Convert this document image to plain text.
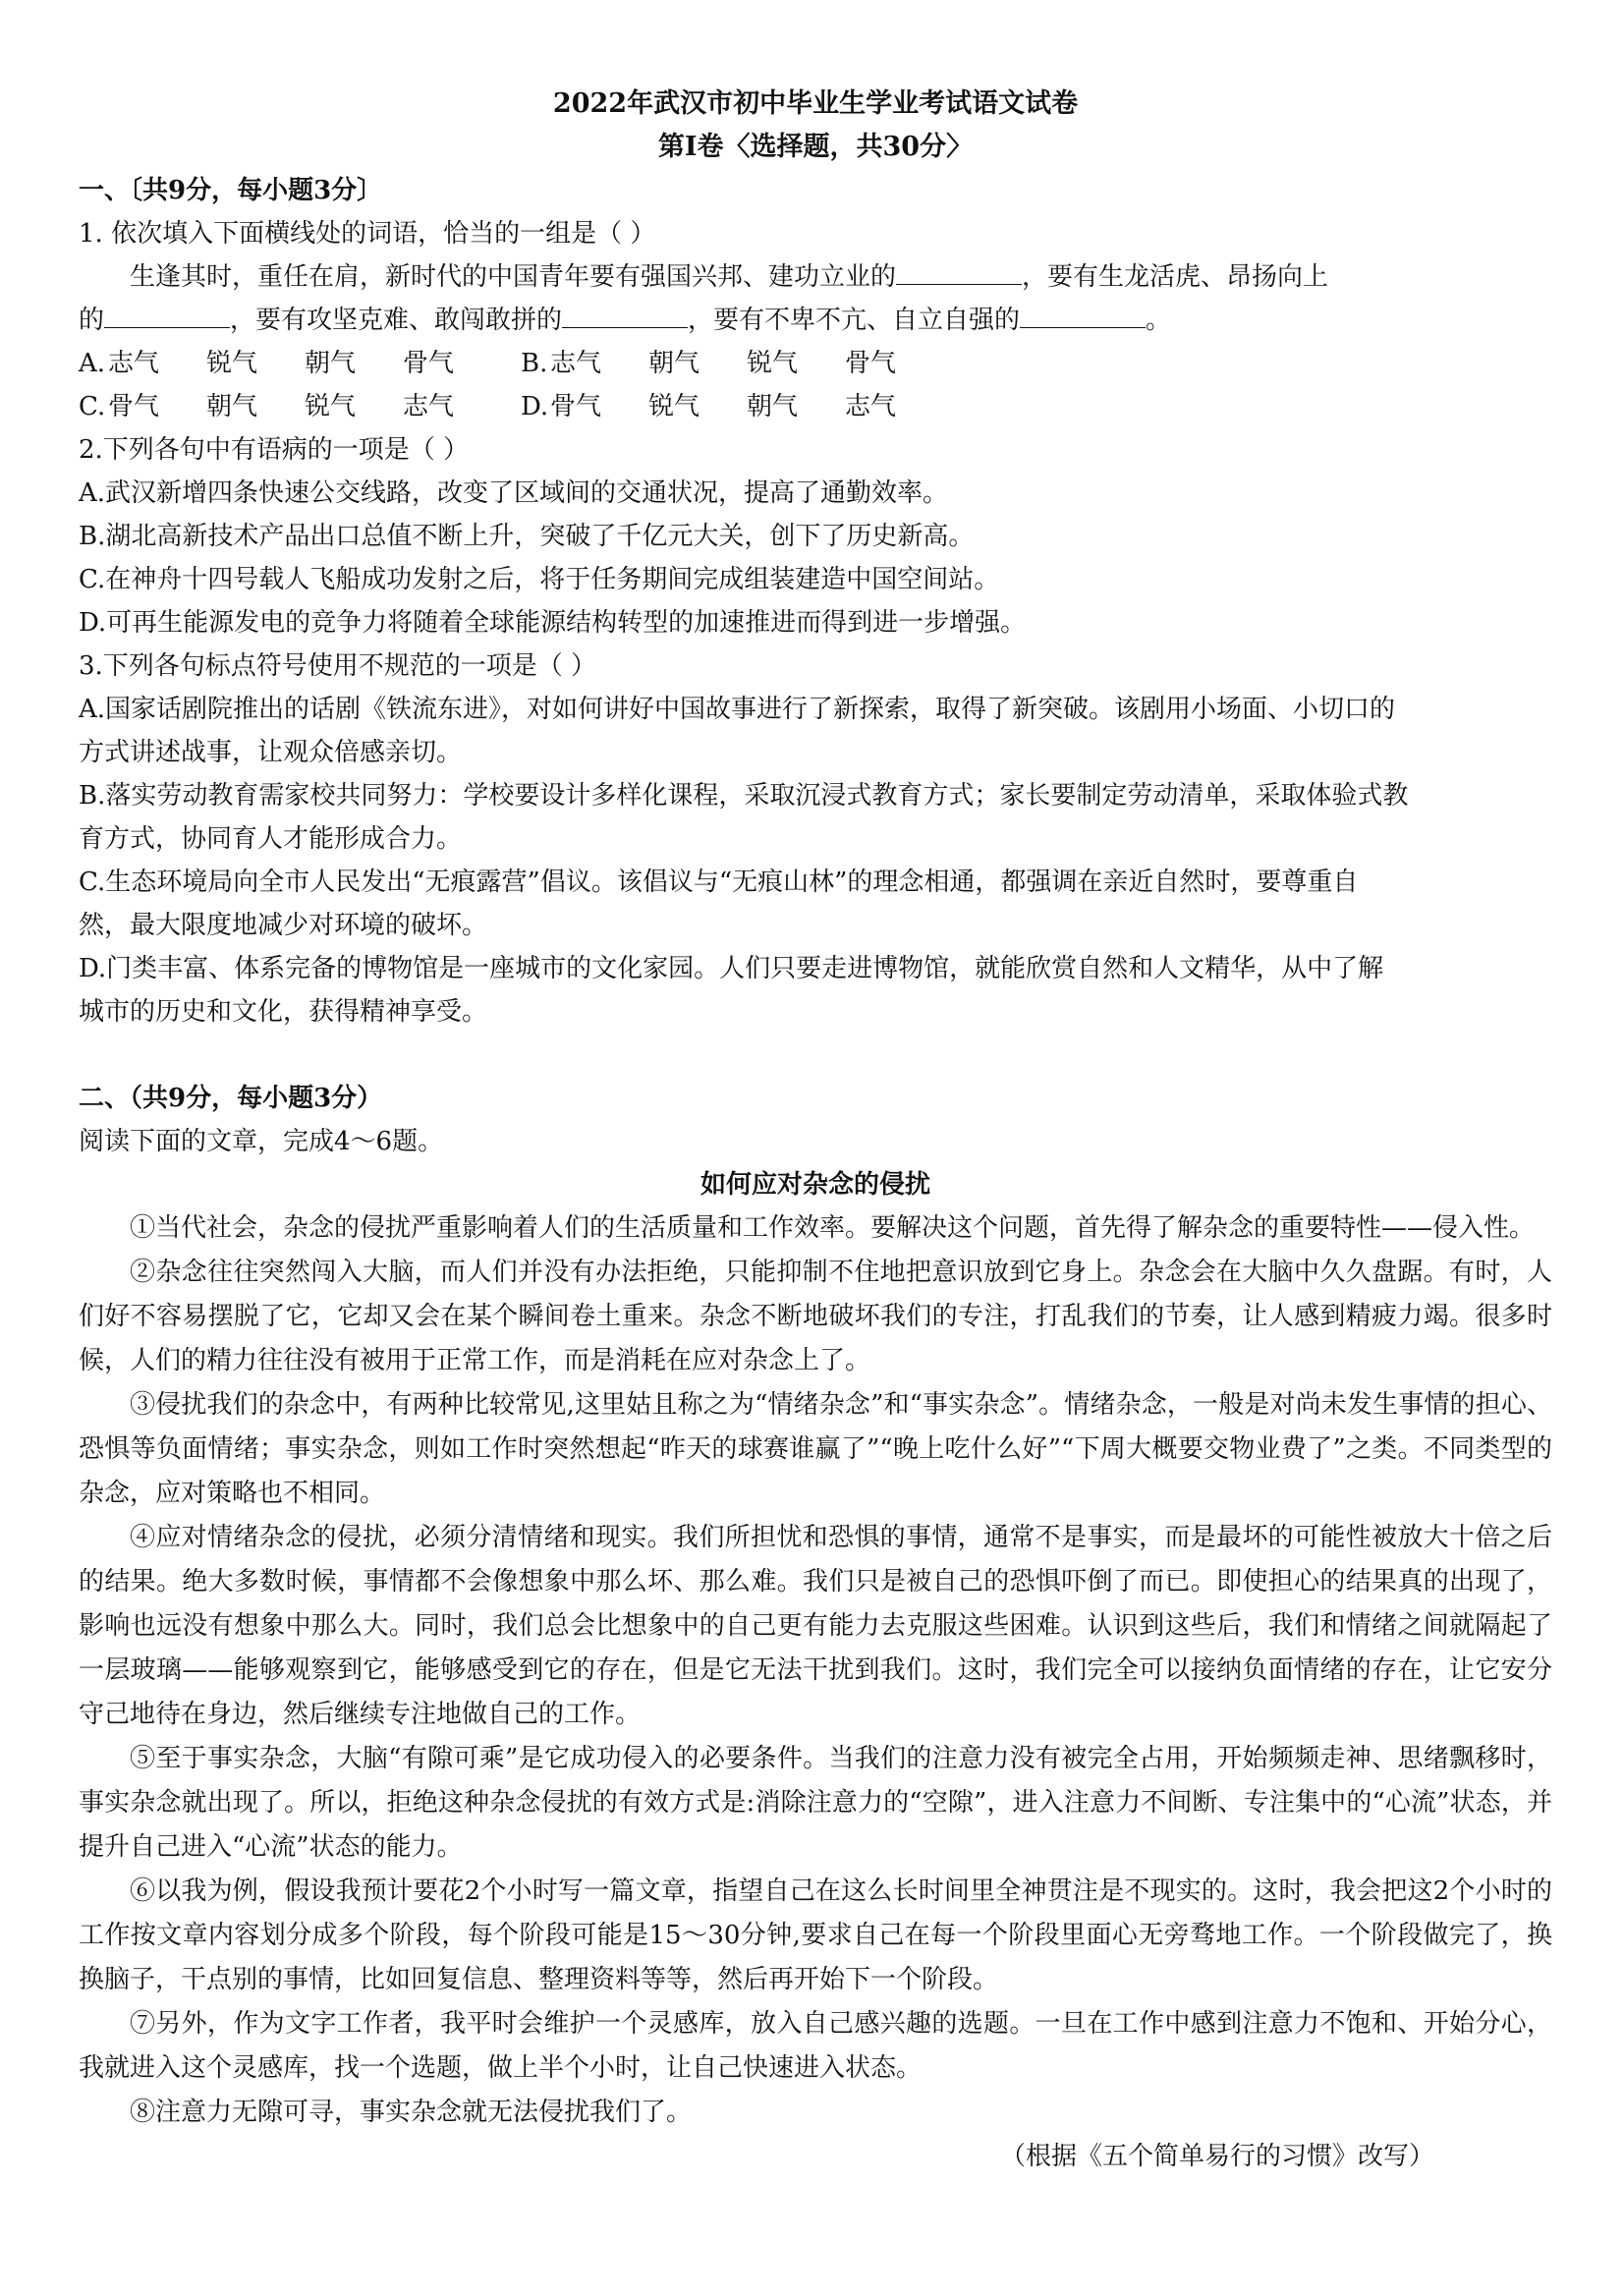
2022年武汉市初中毕业生学业考试语文试卷
第Ⅰ卷〈选择题，共30分〉
一、〔共9分，每小题3分〕
1. 依次填入下面横线处的词语，恰当的一组是（ ）
生逢其时，重任在肩，新时代的中国青年要有强国兴邦、建功立业的	，要有生龙活虎、昂扬向上
的	，要有攻坚克难、敢闯敢拼的	，要有不卑不亢、自立自强的	。
A. 志气 锐气 朝气 骨气	B. 志气 朝气 锐气 骨气
C. 骨气 朝气 锐气 志气	D.骨气 锐气 朝气 志气
2.下列各句中有语病的一项是（ ）
A.武汉新增四条快速公交线路，改变了区域间的交通状况，提高了通勤效率。
B.湖北高新技术产品出口总值不断上升，突破了千亿元大关，创下了历史新高。
C.在神舟十四号载人飞船成功发射之后，将于任务期间完成组装建造中国空间站。
D.可再生能源发电的竞争力将随着全球能源结构转型的加速推进而得到进一步增强。
3.下列各句标点符号使用不规范的一项是（ ）
A.国家话剧院推出的话剧《铁流东进》，对如何讲好中国故事进行了新探索，取得了新突破。该剧用小场面、小切口的
方式讲述战事，让观众倍感亲切。
B.落实劳动教育需家校共同努力：学校要设计多样化课程，采取沉浸式教育方式；家长要制定劳动清单，采取体验式教
育方式，协同育人才能形成合力。
C.生态环境局向全市人民发出“无痕露营”倡议。该倡议与“无痕山林”的理念相通，都强调在亲近自然时，要尊重自
然，最大限度地减少对环境的破坏。
D.门类丰富、体系完备的博物馆是一座城市的文化家园。人们只要走进博物馆，就能欣赏自然和人文精华，从中了解
城市的历史和文化，获得精神享受。
二、（共9分，每小题3分）
阅读下面的文章，完成4～6题。
如何应对杂念的侵扰

①当代社会，杂念的侵扰严重影响着人们的生活质量和工作效率。要解决这个问题，首先得了解杂念的重要特性——侵入性。

②杂念往往突然闯入大脑，而人们并没有办法拒绝，只能抑制不住地把意识放到它身上。杂念会在大脑中久久盘踞。有时，人们好不容易摆脱了它，它却又会在某个瞬间卷土重来。杂念不断地破坏我们的专注，打乱我们的节奏，让人感到精疲力竭。很多时候，人们的精力往往没有被用于正常工作，而是消耗在应对杂念上了。

③侵扰我们的杂念中，有两种比较常见,这里姑且称之为“情绪杂念”和“事实杂念”。情绪杂念，一般是对尚未发生事情的担心、恐惧等负面情绪；事实杂念，则如工作时突然想起“昨天的球赛谁赢了”“晚上吃什么好”“下周大概要交物业费了”之类。不同类型的杂念，应对策略也不相同。

④应对情绪杂念的侵扰，必须分清情绪和现实。我们所担忧和恐惧的事情，通常不是事实，而是最坏的可能性被放大十倍之后的结果。绝大多数时候，事情都不会像想象中那么坏、那么难。我们只是被自己的恐惧吓倒了而已。即使担心的结果真的出现了，影响也远没有想象中那么大。同时，我们总会比想象中的自己更有能力去克服这些困难。认识到这些后，我们和情绪之间就隔起了一层玻璃——能够观察到它，能够感受到它的存在，但是它无法干扰到我们。这时，我们完全可以接纳负面情绪的存在，让它安分守己地待在身边，然后继续专注地做自己的工作。

⑤至于事实杂念，大脑“有隙可乘”是它成功侵入的必要条件。当我们的注意力没有被完全占用，开始频频走神、思绪飘移时，事实杂念就出现了。所以，拒绝这种杂念侵扰的有效方式是:消除注意力的“空隙”，进入注意力不间断、专注集中的“心流”状态，并提升自己进入“心流”状态的能力。

⑥以我为例，假设我预计要花2个小时写一篇文章，指望自己在这么长时间里全神贯注是不现实的。这时，我会把这2个小时的工作按文章内容划分成多个阶段，每个阶段可能是15～30分钟,要求自己在每一个阶段里面心无旁骛地工作。一个阶段做完了，换换脑子，干点别的事情，比如回复信息、整理资料等等，然后再开始下一个阶段。

⑦另外，作为文字工作者，我平时会维护一个灵感库，放入自己感兴趣的选题。一旦在工作中感到注意力不饱和、开始分心，我就进入这个灵感库，找一个选题，做上半个小时，让自己快速进入状态。

⑧注意力无隙可寻，事实杂念就无法侵扰我们了。

（根据《五个简单易行的习惯》改写）
